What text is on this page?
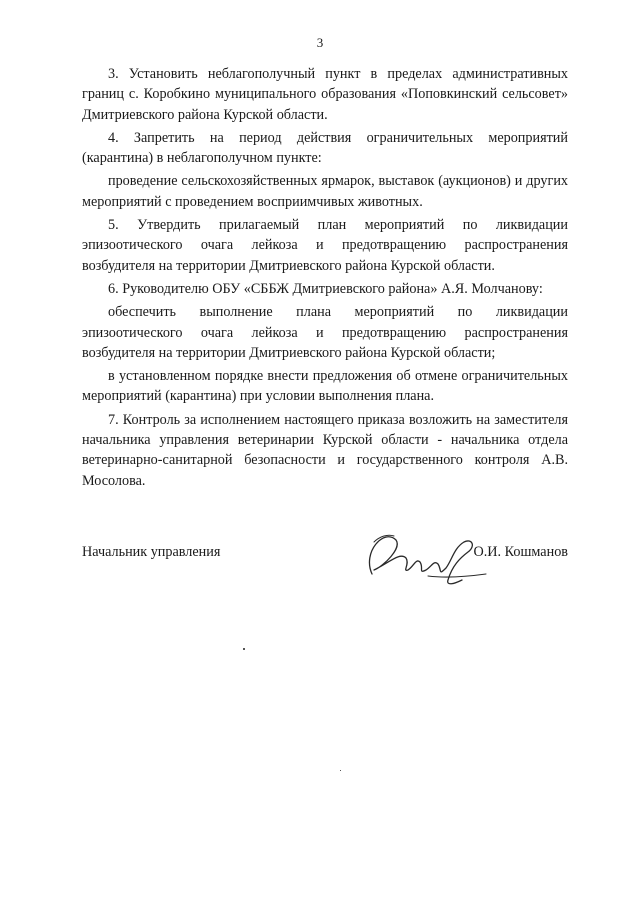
3

3. Установить неблагополучный пункт в пределах административных границ с. Коробкино муниципального образования «Поповкинский сельсовет» Дмитриевского района Курской области.

4. Запретить на период действия ограничительных мероприятий (карантина) в неблагополучном пункте:

проведение сельскохозяйственных ярмарок, выставок (аукционов) и других мероприятий с проведением восприимчивых животных.

5. Утвердить прилагаемый план мероприятий по ликвидации эпизоотического очага лейкоза и предотвращению распространения возбудителя на территории Дмитриевского района Курской области.

6. Руководителю ОБУ «СББЖ Дмитриевского района» А.Я. Молчанову:

обеспечить выполнение плана мероприятий по ликвидации эпизоотического очага лейкоза и предотвращению распространения возбудителя на территории Дмитриевского района Курской области;

в установленном порядке внести предложения об отмене ограничительных мероприятий (карантина) при условии выполнения плана.

7. Контроль за исполнением настоящего приказа возложить на заместителя начальника управления ветеринарии Курской области - начальника отдела ветеринарно-санитарной безопасности и государственного контроля А.В. Мосолова.

Начальник управления	О.И. Кошманов
